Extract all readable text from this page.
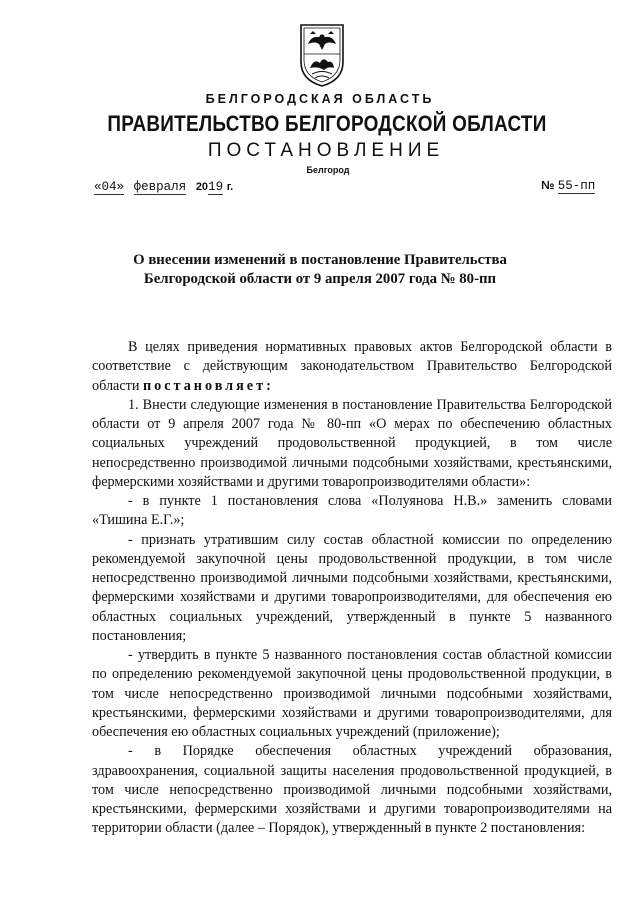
БЕЛГОРОДСКАЯ ОБЛАСТЬ
ПРАВИТЕЛЬСТВО БЕЛГОРОДСКОЙ ОБЛАСТИ
ПОСТАНОВЛЕНИЕ
Белгород
«04» февраля 2019 г.	№ 55-пп
О внесении изменений в постановление Правительства
Белгородской области от 9 апреля 2007 года № 80-пп

В целях приведения нормативных правовых актов Белгородской области в соответствие с действующим законодательством Правительство Белгородской области постановляет:

1. Внести следующие изменения в постановление Правительства Белгородской области от 9 апреля 2007 года № 80-пп «О мерах по обеспечению областных социальных учреждений продовольственной продукцией, в том числе непосредственно производимой личными подсобными хозяйствами, крестьянскими, фермерскими хозяйствами и другими товаропроизводителями области»:

- в пункте 1 постановления слова «Полуянова Н.В.» заменить словами «Тишина Е.Г.»;

- признать утратившим силу состав областной комиссии по определению рекомендуемой закупочной цены продовольственной продукции, в том числе непосредственно производимой личными подсобными хозяйствами, крестьянскими, фермерскими хозяйствами и другими товаропроизводителями, для обеспечения ею областных социальных учреждений, утвержденный в пункте 5 названного постановления;

- утвердить в пункте 5 названного постановления состав областной комиссии по определению рекомендуемой закупочной цены продовольственной продукции, в том числе непосредственно производимой личными подсобными хозяйствами, крестьянскими, фермерскими хозяйствами и другими товаропроизводителями, для обеспечения ею областных социальных учреждений (приложение);

- в Порядке обеспечения областных учреждений образования, здравоохранения, социальной защиты населения продовольственной продукцией, в том числе непосредственно производимой личными подсобными хозяйствами, крестьянскими, фермерскими хозяйствами и другими товаропроизводителями на территории области (далее – Порядок), утвержденный в пункте 2 постановления:
